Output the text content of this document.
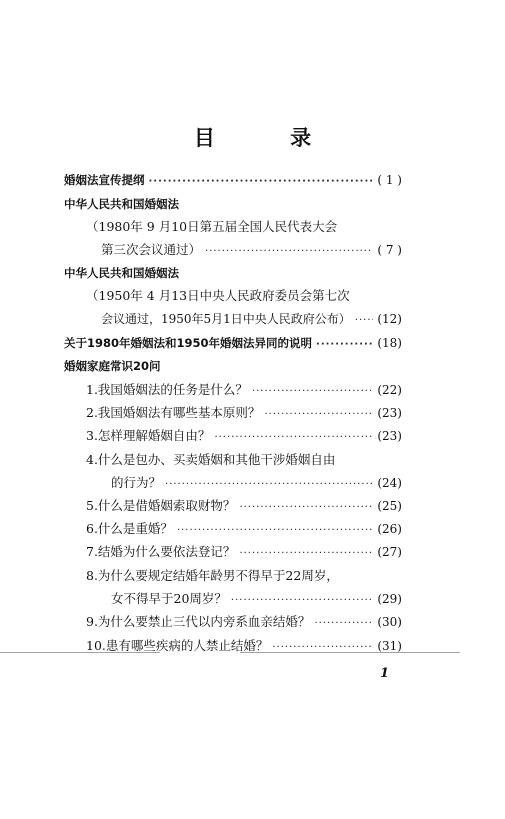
目 录
婚姻法宣传提纲 ·····	( 1 )
中华人民共和国婚姻法
（1980年 9 月10日第五届全国人民代表大会
第三次会议通过） ·····	( 7 )
中华人民共和国婚姻法
（1950年 4 月13日中央人民政府委员会第七次
会议通过，1950年5月1日中央人民政府公布） ····· (12)
关于1980年婚姻法和1950年婚姻法异同的说明 ·····	(18)
婚姻家庭常识20问
1.我国婚姻法的任务是什么？ ·····	(22)
2.我国婚姻法有哪些基本原则？ ·····	(23)
3.怎样理解婚姻自由？ ·····	(23)
4.什么是包办、买卖婚姻和其他干涉婚姻自由
的行为？ ·····	(24)
5.什么是借婚姻索取财物？ ·····	(25)
6.什么是重婚？ ·····	(26)
7.结婚为什么要依法登记？ ·····	(27)
8.为什么要规定结婚年龄男不得早于22周岁，
女不得早于20周岁？ ·····	(29)
9.为什么要禁止三代以内旁系血亲结婚？ ·····	(30)
10.患有哪些疾病的人禁止结婚？ ·····	(31)
1
